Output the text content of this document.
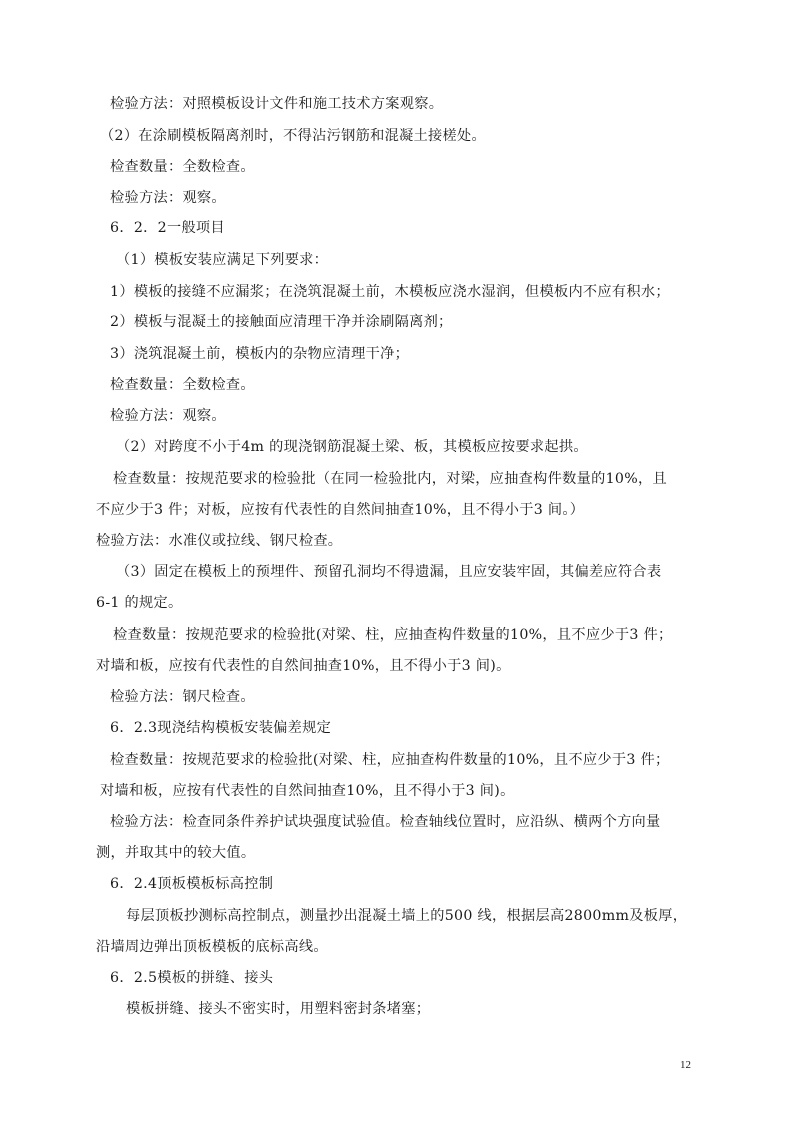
检验方法：对照模板设计文件和施工技术方案观察。
（2）在涂刷模板隔离剂时，不得沾污钢筋和混凝土接槎处。
检查数量：全数检查。
检验方法：观察。
6．2．2一般项目
（1）模板安装应满足下列要求：
1）模板的接缝不应漏浆；在浇筑混凝土前，木模板应浇水湿润，但模板内不应有积水；
2）模板与混凝土的接触面应清理干净并涂刷隔离剂；
3）浇筑混凝土前，模板内的杂物应清理干净；
检查数量：全数检查。
检验方法：观察。
（2）对跨度不小于4m 的现浇钢筋混凝土梁、板，其模板应按要求起拱。
检查数量：按规范要求的检验批（在同一检验批内，对梁，应抽查构件数量的10%，且
不应少于3 件；对板，应按有代表性的自然间抽查10%，且不得小于3 间。）
检验方法：水准仪或拉线、钢尺检查。
（3）固定在模板上的预埋件、预留孔洞均不得遗漏，且应安装牢固，其偏差应符合表
6-1 的规定。
检查数量：按规范要求的检验批(对梁、柱，应抽查构件数量的10%，且不应少于3 件；
对墙和板，应按有代表性的自然间抽查10%，且不得小于3 间)。
检验方法：钢尺检查。
6．2.3现浇结构模板安装偏差规定
检查数量：按规范要求的检验批(对梁、柱，应抽查构件数量的10%，且不应少于3 件；
对墙和板，应按有代表性的自然间抽查10%，且不得小于3 间)。
检验方法：检查同条件养护试块强度试验值。检查轴线位置时，应沿纵、横两个方向量
测，并取其中的较大值。
6．2.4顶板模板标高控制
每层顶板抄测标高控制点，测量抄出混凝土墙上的500 线，根据层高2800mm及板厚，
沿墙周边弹出顶板模板的底标高线。
6．2.5模板的拼缝、接头
模板拼缝、接头不密实时，用塑料密封条堵塞；
12
